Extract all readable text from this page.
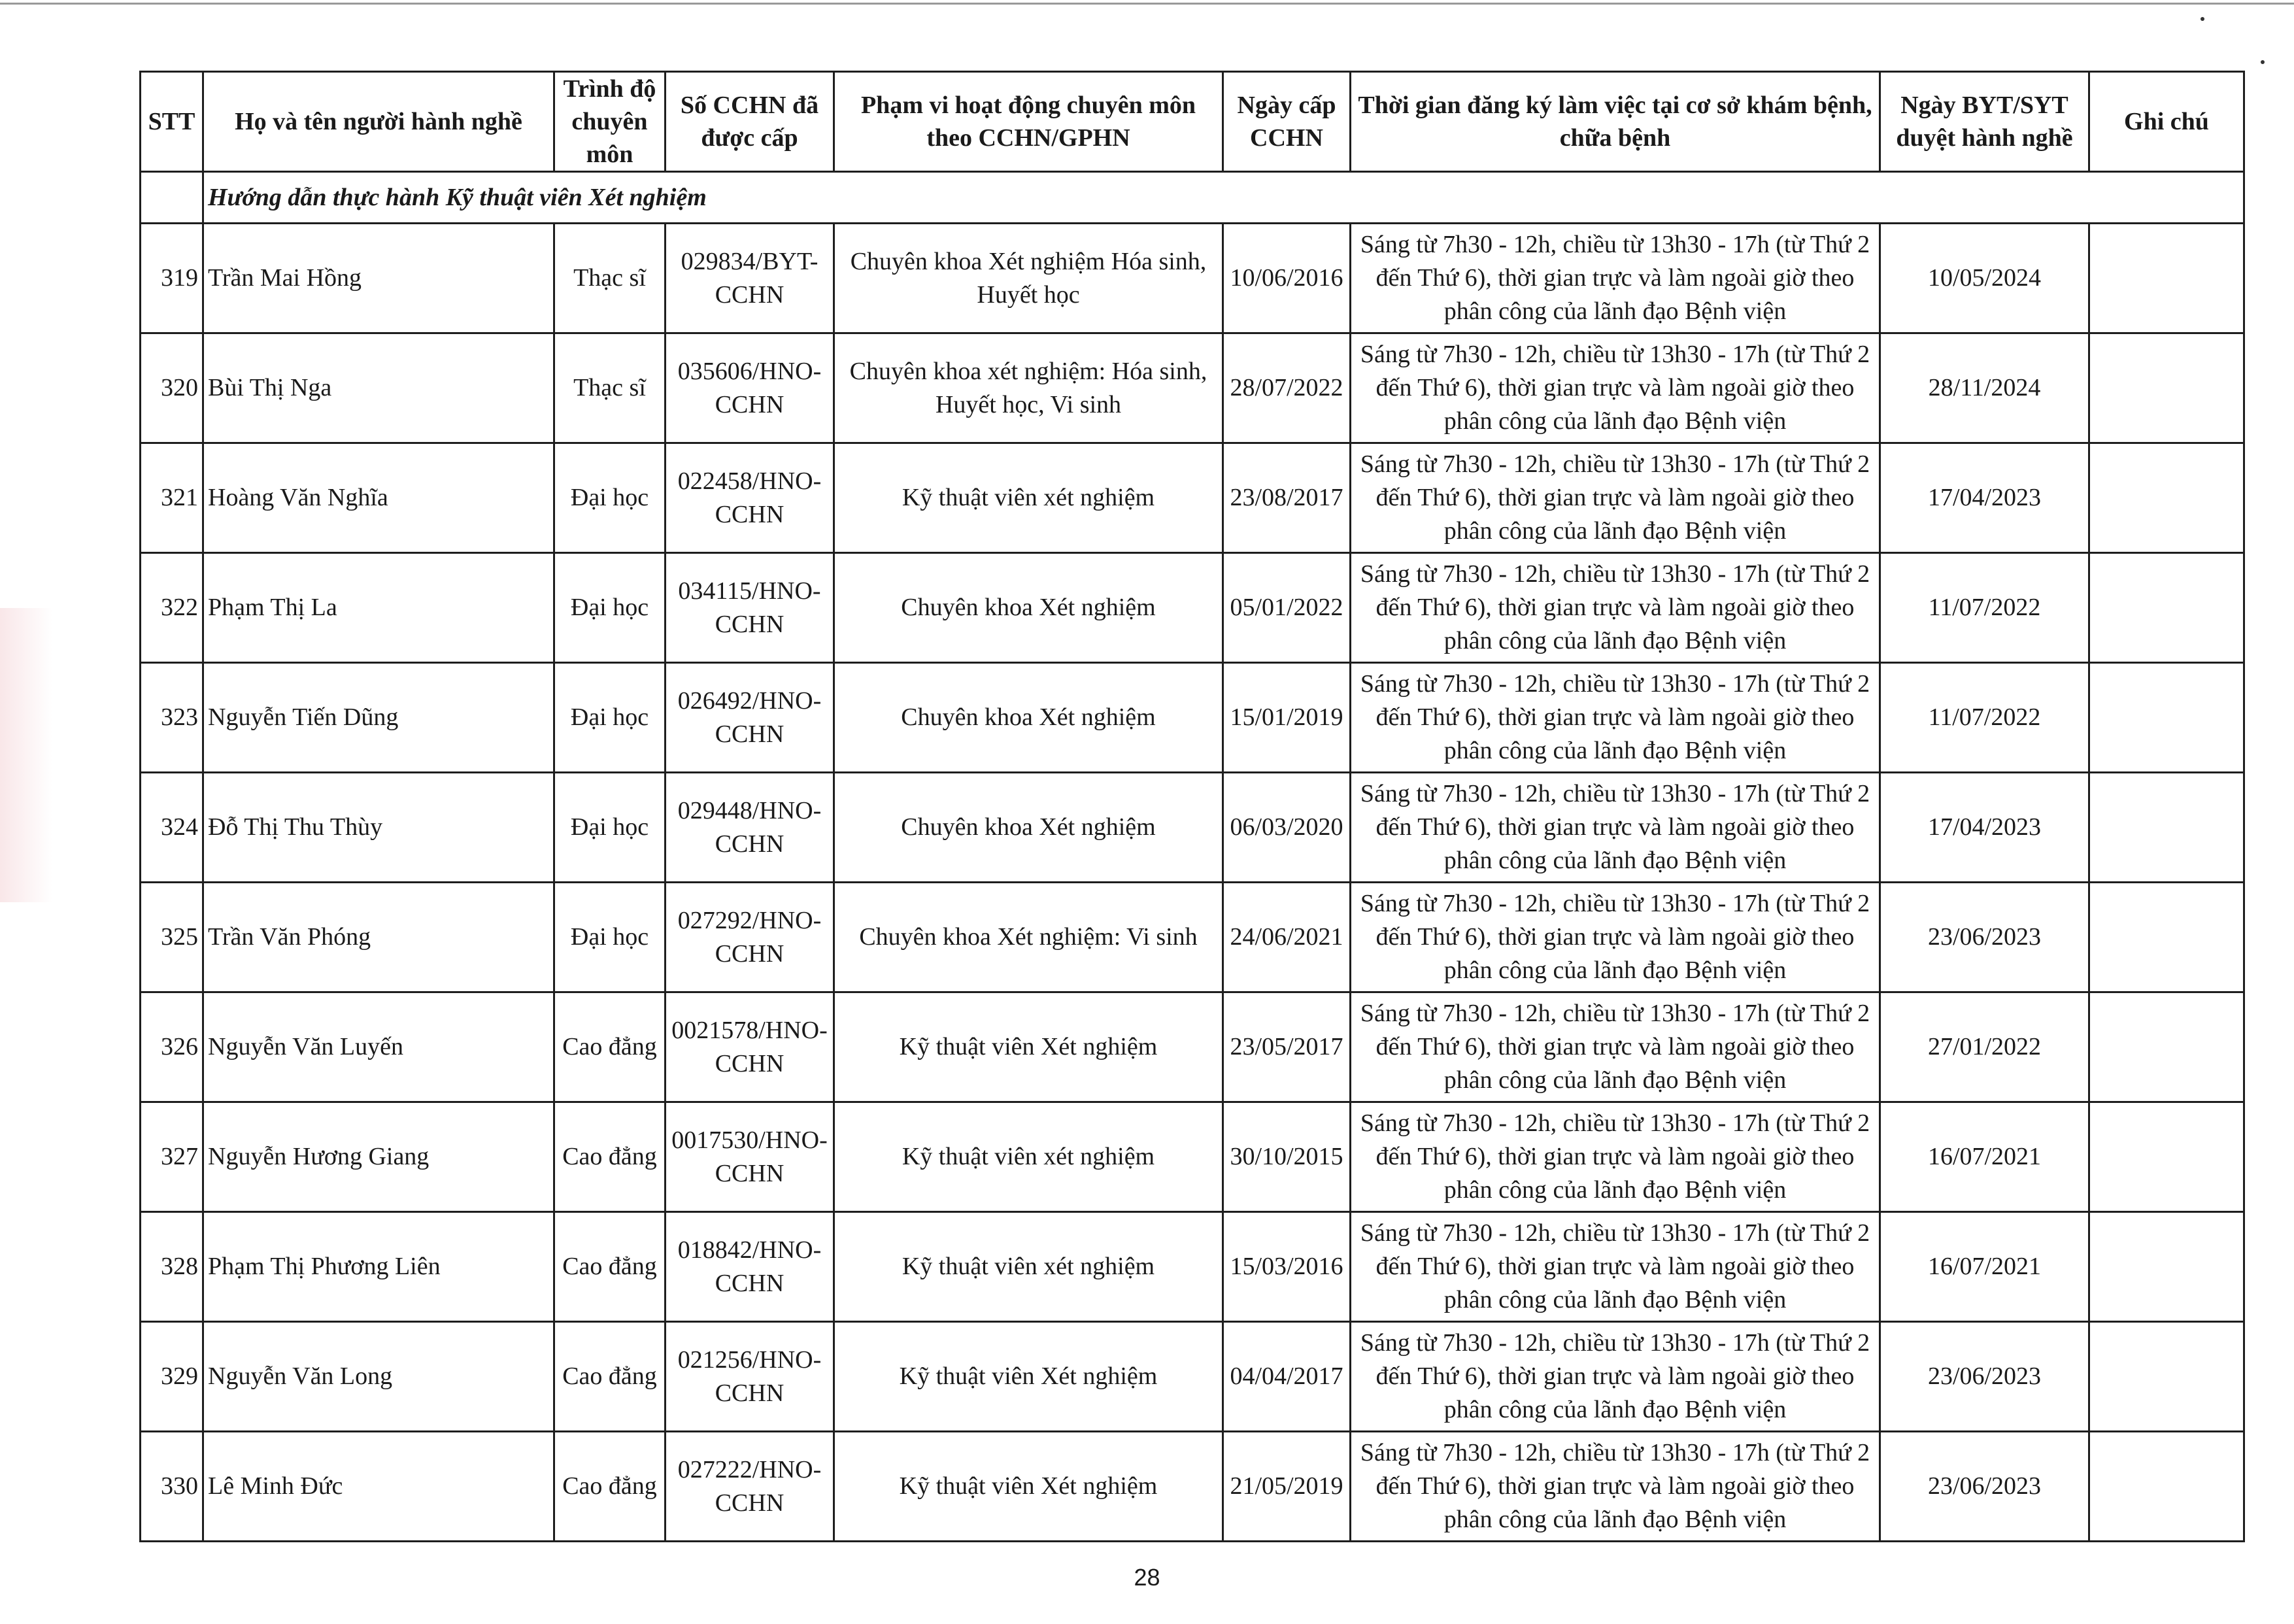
STT	Họ và tên người hành nghề	Trình độ chuyên môn	Số CCHN đã được cấp	Phạm vi hoạt động chuyên môn theo CCHN/GPHN	Ngày cấp CCHN	Thời gian đăng ký làm việc tại cơ sở khám bệnh, chữa bệnh	Ngày BYT/SYT duyệt hành nghề	Ghi chú
	Hướng dẫn thực hành Kỹ thuật viên Xét nghiệm							
319	Trần Mai Hồng	Thạc sĩ	029834/BYT-CCHN	Chuyên khoa Xét nghiệm Hóa sinh, Huyết học	10/06/2016	Sáng từ 7h30 - 12h, chiều từ 13h30 - 17h (từ Thứ 2 đến Thứ 6), thời gian trực và làm ngoài giờ theo phân công của lãnh đạo Bệnh viện	10/05/2024	
320	Bùi Thị Nga	Thạc sĩ	035606/HNO-CCHN	Chuyên khoa xét nghiệm: Hóa sinh, Huyết học, Vi sinh	28/07/2022	Sáng từ 7h30 - 12h, chiều từ 13h30 - 17h (từ Thứ 2 đến Thứ 6), thời gian trực và làm ngoài giờ theo phân công của lãnh đạo Bệnh viện	28/11/2024	
321	Hoàng Văn Nghĩa	Đại học	022458/HNO-CCHN	Kỹ thuật viên xét nghiệm	23/08/2017	Sáng từ 7h30 - 12h, chiều từ 13h30 - 17h (từ Thứ 2 đến Thứ 6), thời gian trực và làm ngoài giờ theo phân công của lãnh đạo Bệnh viện	17/04/2023	
322	Phạm Thị La	Đại học	034115/HNO-CCHN	Chuyên khoa Xét nghiệm	05/01/2022	Sáng từ 7h30 - 12h, chiều từ 13h30 - 17h (từ Thứ 2 đến Thứ 6), thời gian trực và làm ngoài giờ theo phân công của lãnh đạo Bệnh viện	11/07/2022	
323	Nguyễn Tiến Dũng	Đại học	026492/HNO-CCHN	Chuyên khoa Xét nghiệm	15/01/2019	Sáng từ 7h30 - 12h, chiều từ 13h30 - 17h (từ Thứ 2 đến Thứ 6), thời gian trực và làm ngoài giờ theo phân công của lãnh đạo Bệnh viện	11/07/2022	
324	Đỗ Thị Thu Thùy	Đại học	029448/HNO-CCHN	Chuyên khoa Xét nghiệm	06/03/2020	Sáng từ 7h30 - 12h, chiều từ 13h30 - 17h (từ Thứ 2 đến Thứ 6), thời gian trực và làm ngoài giờ theo phân công của lãnh đạo Bệnh viện	17/04/2023	
325	Trần Văn Phóng	Đại học	027292/HNO-CCHN	Chuyên khoa Xét nghiệm: Vi sinh	24/06/2021	Sáng từ 7h30 - 12h, chiều từ 13h30 - 17h (từ Thứ 2 đến Thứ 6), thời gian trực và làm ngoài giờ theo phân công của lãnh đạo Bệnh viện	23/06/2023	
326	Nguyễn Văn Luyến	Cao đẳng	0021578/HNO-CCHN	Kỹ thuật viên Xét nghiệm	23/05/2017	Sáng từ 7h30 - 12h, chiều từ 13h30 - 17h (từ Thứ 2 đến Thứ 6), thời gian trực và làm ngoài giờ theo phân công của lãnh đạo Bệnh viện	27/01/2022	
327	Nguyễn Hương Giang	Cao đẳng	0017530/HNO-CCHN	Kỹ thuật viên xét nghiệm	30/10/2015	Sáng từ 7h30 - 12h, chiều từ 13h30 - 17h (từ Thứ 2 đến Thứ 6), thời gian trực và làm ngoài giờ theo phân công của lãnh đạo Bệnh viện	16/07/2021	
328	Phạm Thị Phương Liên	Cao đẳng	018842/HNO-CCHN	Kỹ thuật viên xét nghiệm	15/03/2016	Sáng từ 7h30 - 12h, chiều từ 13h30 - 17h (từ Thứ 2 đến Thứ 6), thời gian trực và làm ngoài giờ theo phân công của lãnh đạo Bệnh viện	16/07/2021	
329	Nguyễn Văn Long	Cao đẳng	021256/HNO-CCHN	Kỹ thuật viên Xét nghiệm	04/04/2017	Sáng từ 7h30 - 12h, chiều từ 13h30 - 17h (từ Thứ 2 đến Thứ 6), thời gian trực và làm ngoài giờ theo phân công của lãnh đạo Bệnh viện	23/06/2023	
330	Lê Minh Đức	Cao đẳng	027222/HNO-CCHN	Kỹ thuật viên Xét nghiệm	21/05/2019	Sáng từ 7h30 - 12h, chiều từ 13h30 - 17h (từ Thứ 2 đến Thứ 6), thời gian trực và làm ngoài giờ theo phân công của lãnh đạo Bệnh viện	23/06/2023	
28
